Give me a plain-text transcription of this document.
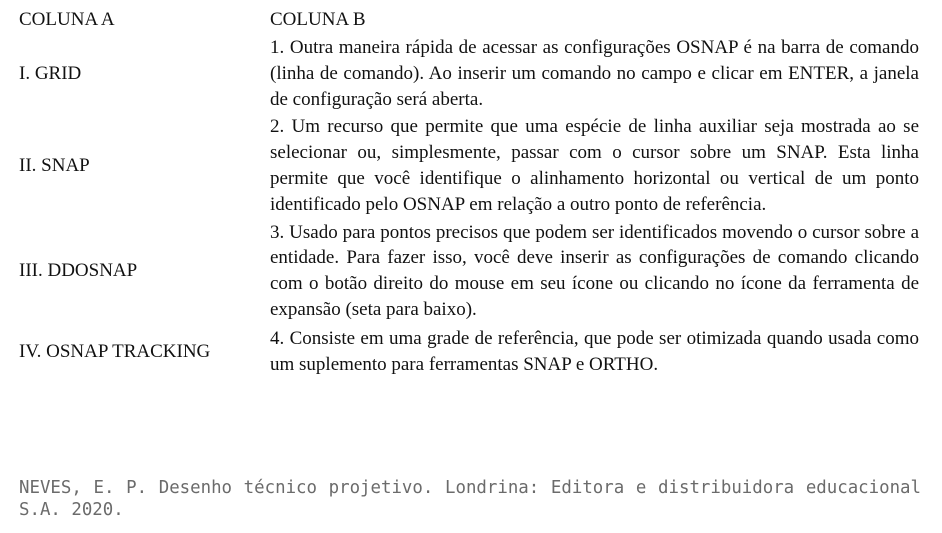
COLUNA A	COLUNA B
I. GRID
1. Outra maneira rápida de acessar as configurações OSNAP é na barra de comando (linha de comando). Ao inserir um comando no campo e clicar em ENTER, a janela de configuração será aberta.
II. SNAP
2. Um recurso que permite que uma espécie de linha auxiliar seja mostrada ao se selecionar ou, simplesmente, passar com o cursor sobre um SNAP. Esta linha permite que você identifique o alinhamento horizontal ou vertical de um ponto identificado pelo OSNAP em relação a outro ponto de referência.
III. DDOSNAP
3. Usado para pontos precisos que podem ser identificados movendo o cursor sobre a entidade. Para fazer isso, você deve inserir as configurações de comando clicando com o botão direito do mouse em seu ícone ou clicando no ícone da ferramenta de expansão (seta para baixo).
IV. OSNAP TRACKING
4. Consiste em uma grade de referência, que pode ser otimizada quando usada como um suplemento para ferramentas SNAP e ORTHO.
NEVES, E. P. Desenho técnico projetivo. Londrina: Editora e distribuidora educacional S.A. 2020.
